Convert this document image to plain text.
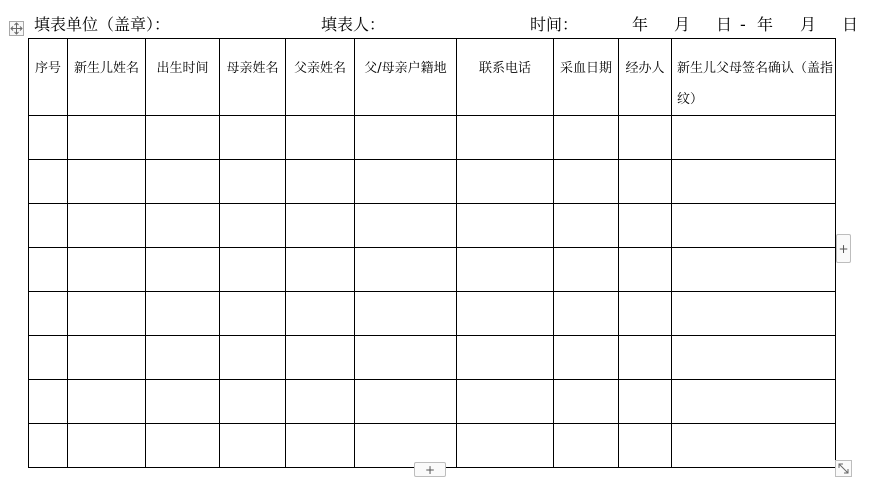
填表单位（盖章）：	填表人：	时间：	年 月 日 - 年 月 日
序号	新生儿姓名	出生时间	母亲姓名	父亲姓名	父/母亲户籍地	联系电话	采血日期	经办人	新生儿父母签名确认（盖指纹）

+
+
